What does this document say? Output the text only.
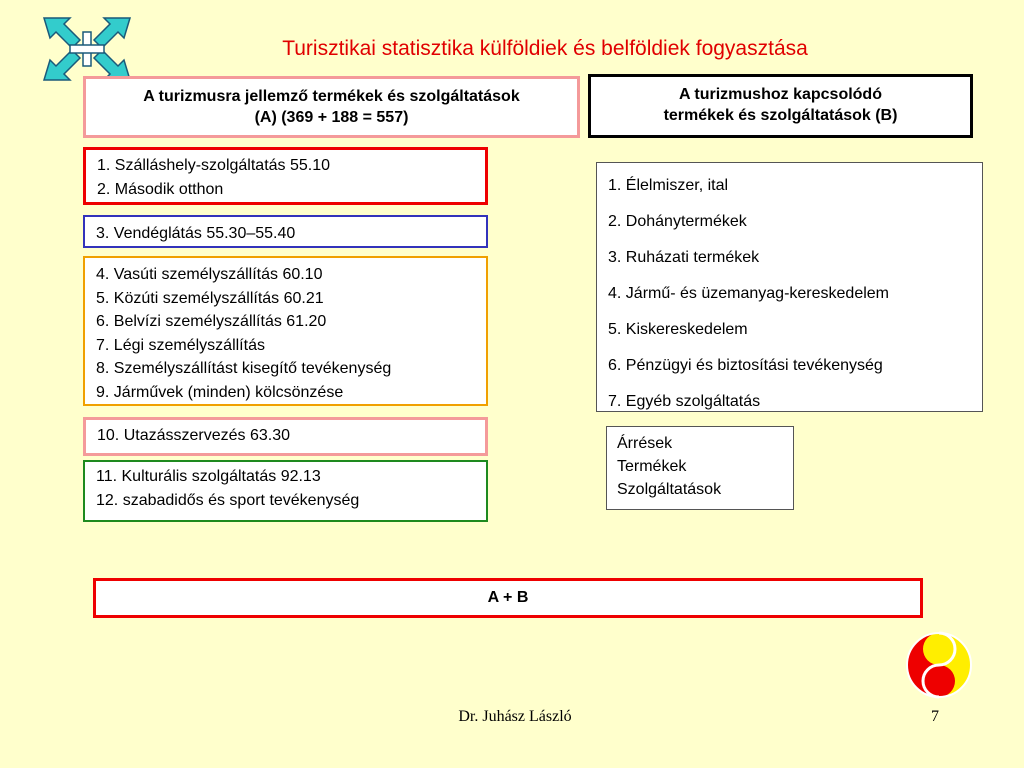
Turisztikai statisztika külföldiek és belföldiek fogyasztása
A turizmusra jellemző termékek és szolgáltatások
(A) (369 + 188 = 557)
A turizmushoz kapcsolódó
termékek és szolgáltatások (B)
1. Szálláshely-szolgáltatás 55.10
2. Második otthon
3. Vendéglátás 55.30–55.40
4. Vasúti személyszállítás 60.10
5. Közúti személyszállítás 60.21
6. Belvízi személyszállítás 61.20
7. Légi személyszállítás
8. Személyszállítást kisegítő tevékenység
9. Járművek (minden) kölcsönzése
10. Utazásszervezés 63.30
11. Kulturális szolgáltatás 92.13
12. szabadidős és sport tevékenység
1. Élelmiszer, ital
2. Dohánytermékek
3. Ruházati termékek
4. Jármű- és üzemanyag-kereskedelem
5. Kiskereskedelem
6. Pénzügyi és biztosítási tevékenység
7. Egyéb szolgáltatás
Árrések
Termékek
Szolgáltatások
A + B
Dr. Juhász László	7
